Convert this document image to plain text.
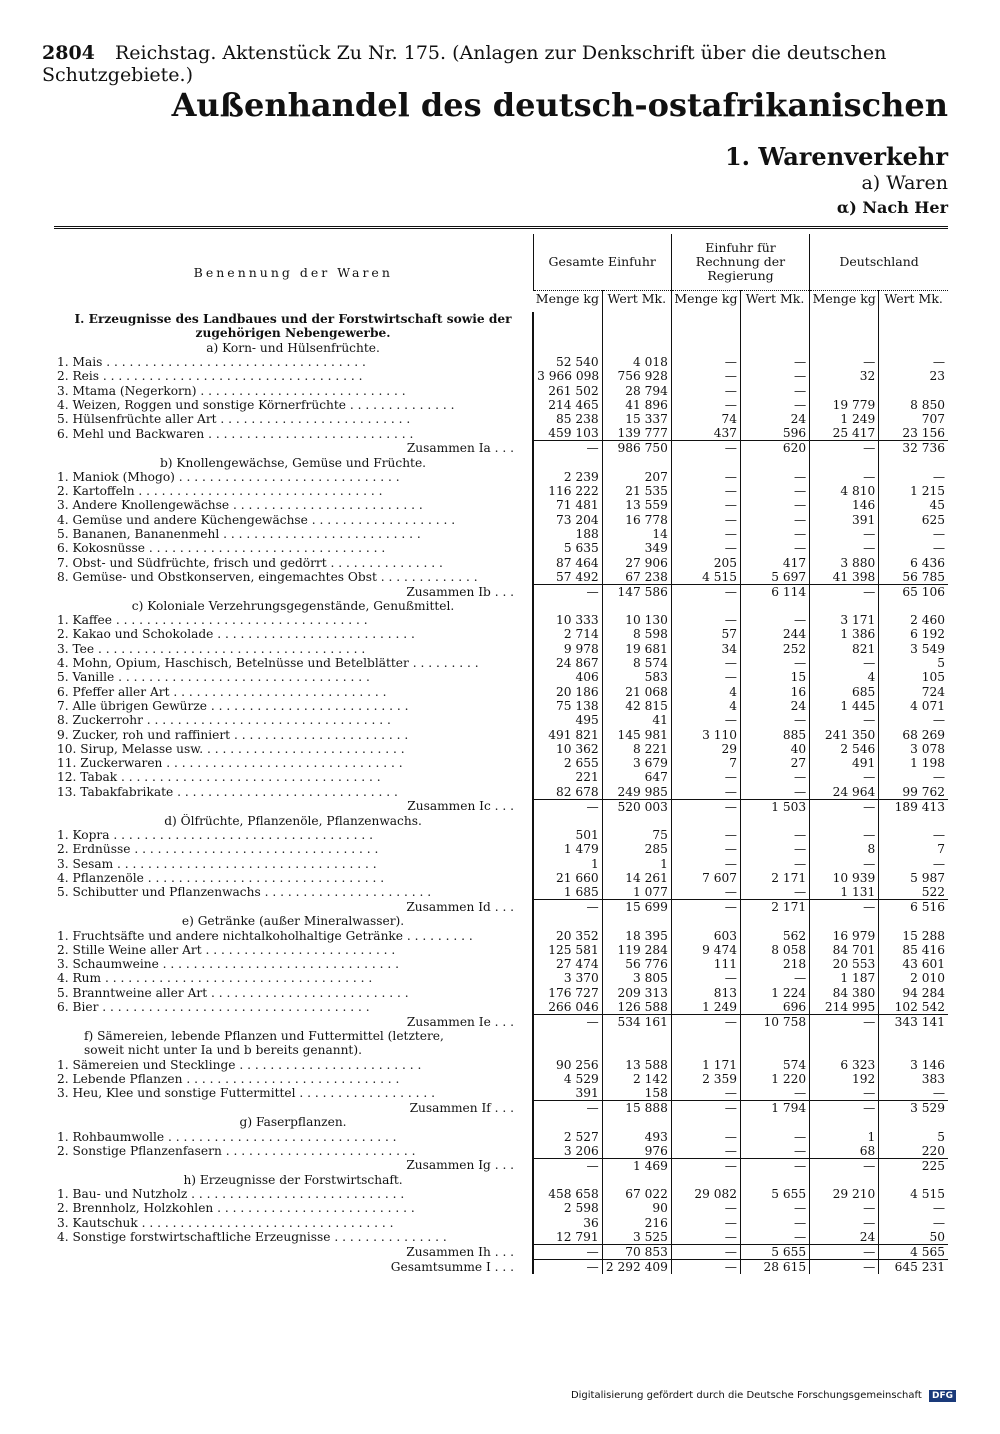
2804 Reichstag. Aktenstück Zu Nr. 175. (Anlagen zur Denkschrift über die deutschen Schutzgebiete.)
Außenhandel des deutsch-ostafrikanischen
1. Warenverkehr
a) Waren
α) Nach Her
Benennung der Waren	Gesamte Einfuhr		Einfuhr für Rechnung der Regierung		Deutschland	
	Menge kg	Wert Mk.	Menge kg	Wert Mk.	Menge kg	Wert Mk.
I. Erzeugnisse des Landbaues und der Forstwirtschaft sowie der						
zugehörigen Nebengewerbe.						
a) Korn- und Hülsenfrüchte.						
1. Mais . . . . . . . . . . . . . . . . . . . . . . . . . . . . . . . . . .	52 540	4 018	—	—	—	—
2. Reis . . . . . . . . . . . . . . . . . . . . . . . . . . . . . . . . . .	3 966 098	756 928	—	—	32	23
3. Mtama (Negerkorn) . . . . . . . . . . . . . . . . . . . . . . . . . . .	261 502	28 794	—	—		
4. Weizen, Roggen und sonstige Körnerfrüchte . . . . . . . . . . . . . .	214 465	41 896	—	—	19 779	8 850
5. Hülsenfrüchte aller Art . . . . . . . . . . . . . . . . . . . . . . . . .	85 238	15 337	74	24	1 249	707
6. Mehl und Backwaren . . . . . . . . . . . . . . . . . . . . . . . . . . .	459 103	139 777	437	596	25 417	23 156
Zusammen Ia . . .	—	986 750	—	620	—	32 736
b) Knollengewächse, Gemüse und Früchte.						
1. Maniok (Mhogo) . . . . . . . . . . . . . . . . . . . . . . . . . . . . .	2 239	207	—	—	—	—
2. Kartoffeln . . . . . . . . . . . . . . . . . . . . . . . . . . . . . . . .	116 222	21 535	—	—	4 810	1 215
3. Andere Knollengewächse . . . . . . . . . . . . . . . . . . . . . . . . .	71 481	13 559	—	—	146	45
4. Gemüse und andere Küchengewächse . . . . . . . . . . . . . . . . . . .	73 204	16 778	—	—	391	625
5. Bananen, Bananenmehl . . . . . . . . . . . . . . . . . . . . . . . . . .	188	14	—	—	—	—
6. Kokosnüsse . . . . . . . . . . . . . . . . . . . . . . . . . . . . . . .	5 635	349	—	—	—	—
7. Obst- und Südfrüchte, frisch und gedörrt . . . . . . . . . . . . . . .	87 464	27 906	205	417	3 880	6 436
8. Gemüse- und Obstkonserven, eingemachtes Obst . . . . . . . . . . . . .	57 492	67 238	4 515	5 697	41 398	56 785
Zusammen Ib . . .	—	147 586	—	6 114	—	65 106
c) Koloniale Verzehrungsgegenstände, Genußmittel.						
1. Kaffee . . . . . . . . . . . . . . . . . . . . . . . . . . . . . . . . .	10 333	10 130	—	—	3 171	2 460
2. Kakao und Schokolade . . . . . . . . . . . . . . . . . . . . . . . . . .	2 714	8 598	57	244	1 386	6 192
3. Tee . . . . . . . . . . . . . . . . . . . . . . . . . . . . . . . . . . .	9 978	19 681	34	252	821	3 549
4. Mohn, Opium, Haschisch, Betelnüsse und Betelblätter . . . . . . . . .	24 867	8 574	—	—	—	5
5. Vanille . . . . . . . . . . . . . . . . . . . . . . . . . . . . . . . . .	406	583	—	15	4	105
6. Pfeffer aller Art . . . . . . . . . . . . . . . . . . . . . . . . . . . .	20 186	21 068	4	16	685	724
7. Alle übrigen Gewürze . . . . . . . . . . . . . . . . . . . . . . . . . .	75 138	42 815	4	24	1 445	4 071
8. Zuckerrohr . . . . . . . . . . . . . . . . . . . . . . . . . . . . . . . .	495	41	—	—	—	—
9. Zucker, roh und raffiniert . . . . . . . . . . . . . . . . . . . . . . .	491 821	145 981	3 110	885	241 350	68 269
10. Sirup, Melasse usw. . . . . . . . . . . . . . . . . . . . . . . . . . .	10 362	8 221	29	40	2 546	3 078
11. Zuckerwaren . . . . . . . . . . . . . . . . . . . . . . . . . . . . . . .	2 655	3 679	7	27	491	1 198
12. Tabak . . . . . . . . . . . . . . . . . . . . . . . . . . . . . . . . . .	221	647	—	—	—	—
13. Tabakfabrikate . . . . . . . . . . . . . . . . . . . . . . . . . . . . .	82 678	249 985	—	—	24 964	99 762
Zusammen Ic . . .	—	520 003	—	1 503	—	189 413
d) Ölfrüchte, Pflanzenöle, Pflanzenwachs.						
1. Kopra . . . . . . . . . . . . . . . . . . . . . . . . . . . . . . . . . .	501	75	—	—	—	—
2. Erdnüsse . . . . . . . . . . . . . . . . . . . . . . . . . . . . . . . .	1 479	285	—	—	8	7
3. Sesam . . . . . . . . . . . . . . . . . . . . . . . . . . . . . . . . . .	1	1	—	—	—	—
4. Pflanzenöle . . . . . . . . . . . . . . . . . . . . . . . . . . . . . . .	21 660	14 261	7 607	2 171	10 939	5 987
5. Schibutter und Pflanzenwachs . . . . . . . . . . . . . . . . . . . . . .	1 685	1 077	—	—	1 131	522
Zusammen Id . . .	—	15 699	—	2 171	—	6 516
e) Getränke (außer Mineralwasser).						
1. Fruchtsäfte und andere nichtalkoholhaltige Getränke . . . . . . . . .	20 352	18 395	603	562	16 979	15 288
2. Stille Weine aller Art . . . . . . . . . . . . . . . . . . . . . . . . .	125 581	119 284	9 474	8 058	84 701	85 416
3. Schaumweine . . . . . . . . . . . . . . . . . . . . . . . . . . . . . . .	27 474	56 776	111	218	20 553	43 601
4. Rum . . . . . . . . . . . . . . . . . . . . . . . . . . . . . . . . . . .	3 370	3 805	—	—	1 187	2 010
5. Branntweine aller Art . . . . . . . . . . . . . . . . . . . . . . . . . .	176 727	209 313	813	1 224	84 380	94 284
6. Bier . . . . . . . . . . . . . . . . . . . . . . . . . . . . . . . . . . .	266 046	126 588	1 249	696	214 995	102 542
Zusammen Ie . . .	—	534 161	—	10 758	—	343 141
f) Sämereien, lebende Pflanzen und Futtermittel (letztere,						
soweit nicht unter Ia und b bereits genannt).						
1. Sämereien und Stecklinge . . . . . . . . . . . . . . . . . . . . . . . .	90 256	13 588	1 171	574	6 323	3 146
2. Lebende Pflanzen . . . . . . . . . . . . . . . . . . . . . . . . . . . .	4 529	2 142	2 359	1 220	192	383
3. Heu, Klee und sonstige Futtermittel . . . . . . . . . . . . . . . . . .	391	158	—	—	—	—
Zusammen If . . .	—	15 888	—	1 794	—	3 529
g) Faserpflanzen.						
1. Rohbaumwolle . . . . . . . . . . . . . . . . . . . . . . . . . . . . . .	2 527	493	—	—	1	5
2. Sonstige Pflanzenfasern . . . . . . . . . . . . . . . . . . . . . . . . .	3 206	976	—	—	68	220
Zusammen Ig . . .	—	1 469	—	—	—	225
h) Erzeugnisse der Forstwirtschaft.						
1. Bau- und Nutzholz . . . . . . . . . . . . . . . . . . . . . . . . . . . .	458 658	67 022	29 082	5 655	29 210	4 515
2. Brennholz, Holzkohlen . . . . . . . . . . . . . . . . . . . . . . . . . .	2 598	90	—	—	—	—
3. Kautschuk . . . . . . . . . . . . . . . . . . . . . . . . . . . . . . . . .	36	216	—	—	—	—
4. Sonstige forstwirtschaftliche Erzeugnisse . . . . . . . . . . . . . . .	12 791	3 525	—	—	24	50
Zusammen Ih . . .	—	70 853	—	5 655	—	4 565
Gesamtsumme I . . .	—	2 292 409	—	28 615	—	645 231
Digitalisierung gefördert durch die Deutsche Forschungsgemeinschaft DFG
